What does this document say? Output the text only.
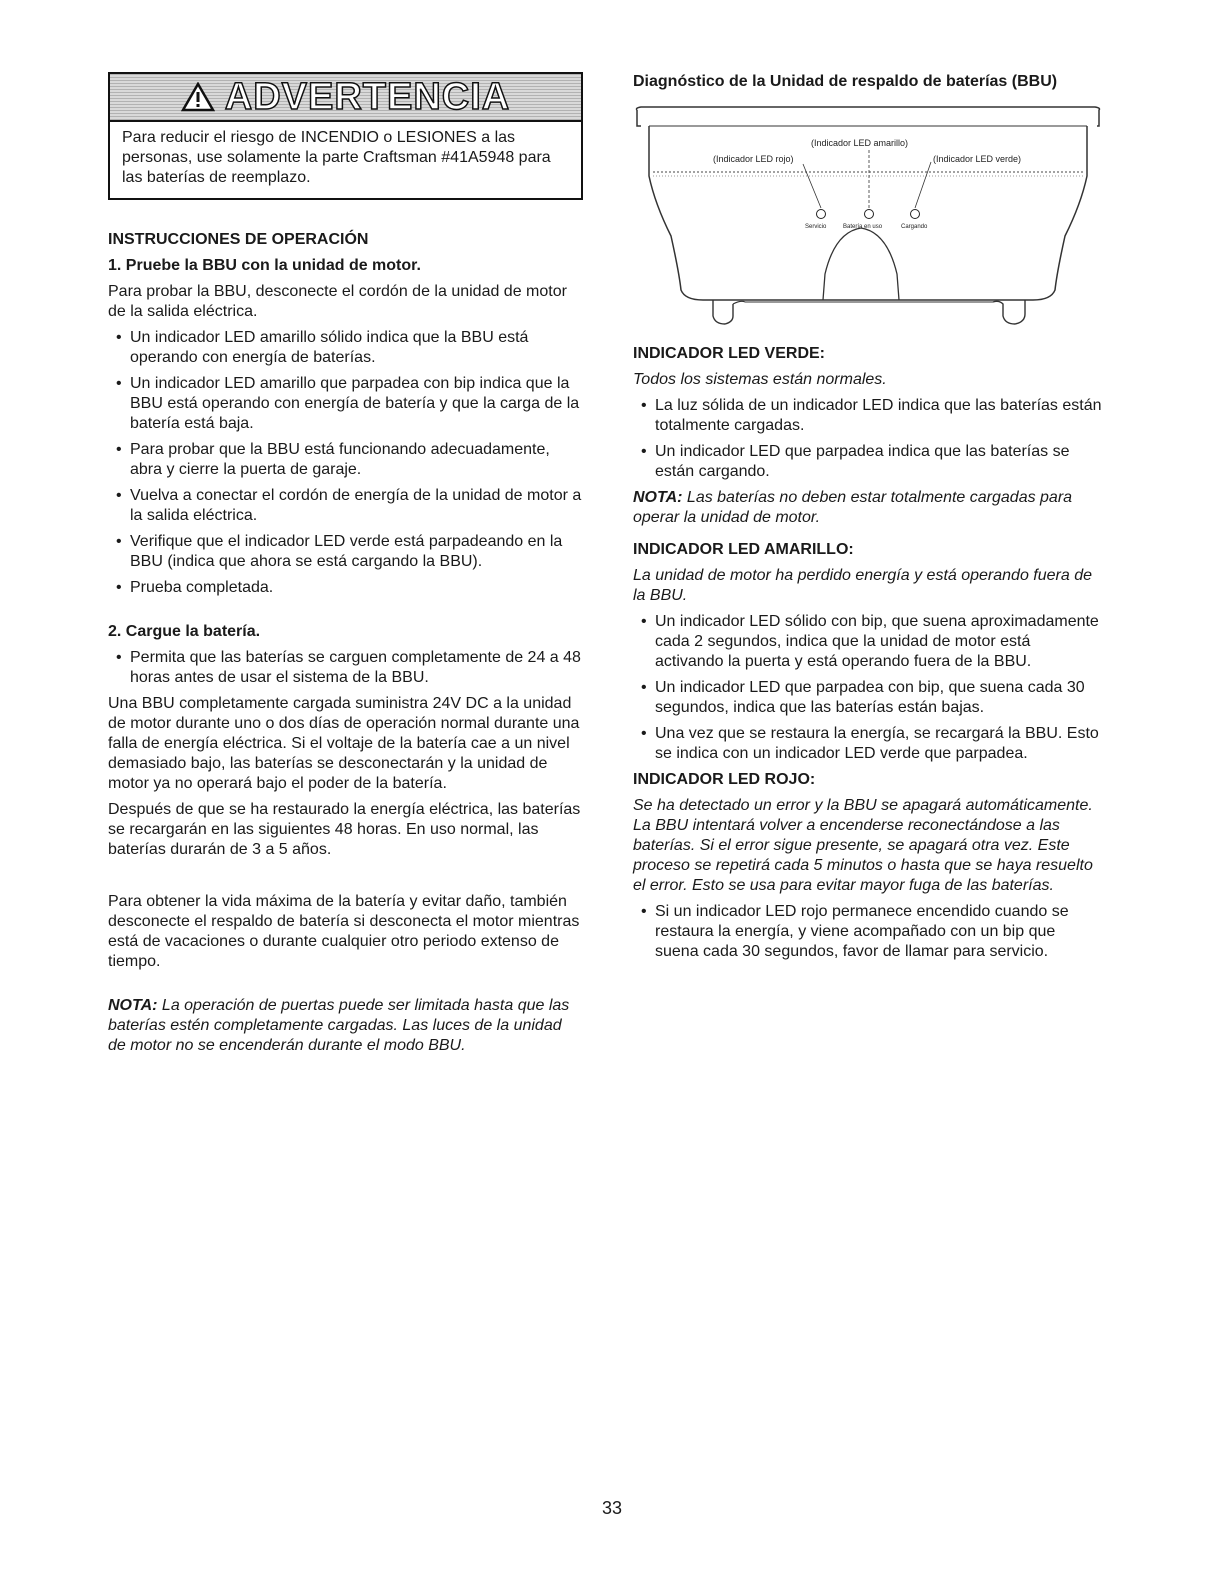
ADVERTENCIA
Para reducir el riesgo de INCENDIO o LESIONES a las personas, use solamente la parte Craftsman #41A5948 para las baterías de reemplazo.
INSTRUCCIONES DE OPERACIÓN
1. Pruebe la BBU con la unidad de motor.

Para probar la BBU, desconecte el cordón de la unidad de motor de la salida eléctrica.

• Un indicador LED amarillo sólido indica que la BBU está operando con energía de baterías.
• Un indicador LED amarillo que parpadea con bip indica que la BBU está operando con energía de batería y que la carga de la batería está baja.
• Para probar que la BBU está funcionando adecuadamente, abra y cierre la puerta de garaje.
• Vuelva a conectar el cordón de energía de la unidad de motor a la salida eléctrica.
• Verifique que el indicador LED verde está parpadeando en la BBU (indica que ahora se está cargando la BBU).
• Prueba completada.
2. Cargue la batería.
• Permita que las baterías se carguen completamente de 24 a 48 horas antes de usar el sistema de la BBU.

Una BBU completamente cargada suministra 24V DC a la unidad de motor durante uno o dos días de operación normal durante una falla de energía eléctrica. Si el voltaje de la batería cae a un nivel demasiado bajo, las baterías se desconectarán y la unidad de motor ya no operará bajo el poder de la batería.

Después de que se ha restaurado la energía eléctrica, las baterías se recargarán en las siguientes 48 horas. En uso normal, las baterías durarán de 3 a 5 años.

Para obtener la vida máxima de la batería y evitar daño, también desconecte el respaldo de batería si desconecta el motor mientras está de vacaciones o durante cualquier otro periodo extenso de tiempo.

NOTA: La operación de puertas puede ser limitada hasta que las baterías estén completamente cargadas. Las luces de la unidad de motor no se encenderán durante el modo BBU.

Diagnóstico de la Unidad de respaldo de baterías (BBU)
(Indicador LED amarillo)
(Indicador LED rojo)	(Indicador LED verde)
Servicio	Batería en uso	Cargando
INDICADOR LED VERDE:

Todos los sistemas están normales.

• La luz sólida de un indicador LED indica que las baterías están totalmente cargadas.
• Un indicador LED que parpadea indica que las baterías se están cargando.

NOTA: Las baterías no deben estar totalmente cargadas para operar la unidad de motor.

INDICADOR LED AMARILLO:

La unidad de motor ha perdido energía y está operando fuera de la BBU.

• Un indicador LED sólido con bip, que suena aproximadamente cada 2 segundos, indica que la unidad de motor está activando la puerta y está operando fuera de la BBU.
• Un indicador LED que parpadea con bip, que suena cada 30 segundos, indica que las baterías están bajas.
• Una vez que se restaura la energía, se recargará la BBU. Esto se indica con un indicador LED verde que parpadea.
INDICADOR LED ROJO:

Se ha detectado un error y la BBU se apagará automáticamente. La BBU intentará volver a encenderse reconectándose a las baterías. Si el error sigue presente, se apagará otra vez. Este proceso se repetirá cada 5 minutos o hasta que se haya resuelto el error. Esto se usa para evitar mayor fuga de las baterías.

• Si un indicador LED rojo permanece encendido cuando se restaura la energía, y viene acompañado con un bip que suena cada 30 segundos, favor de llamar para servicio.
33
